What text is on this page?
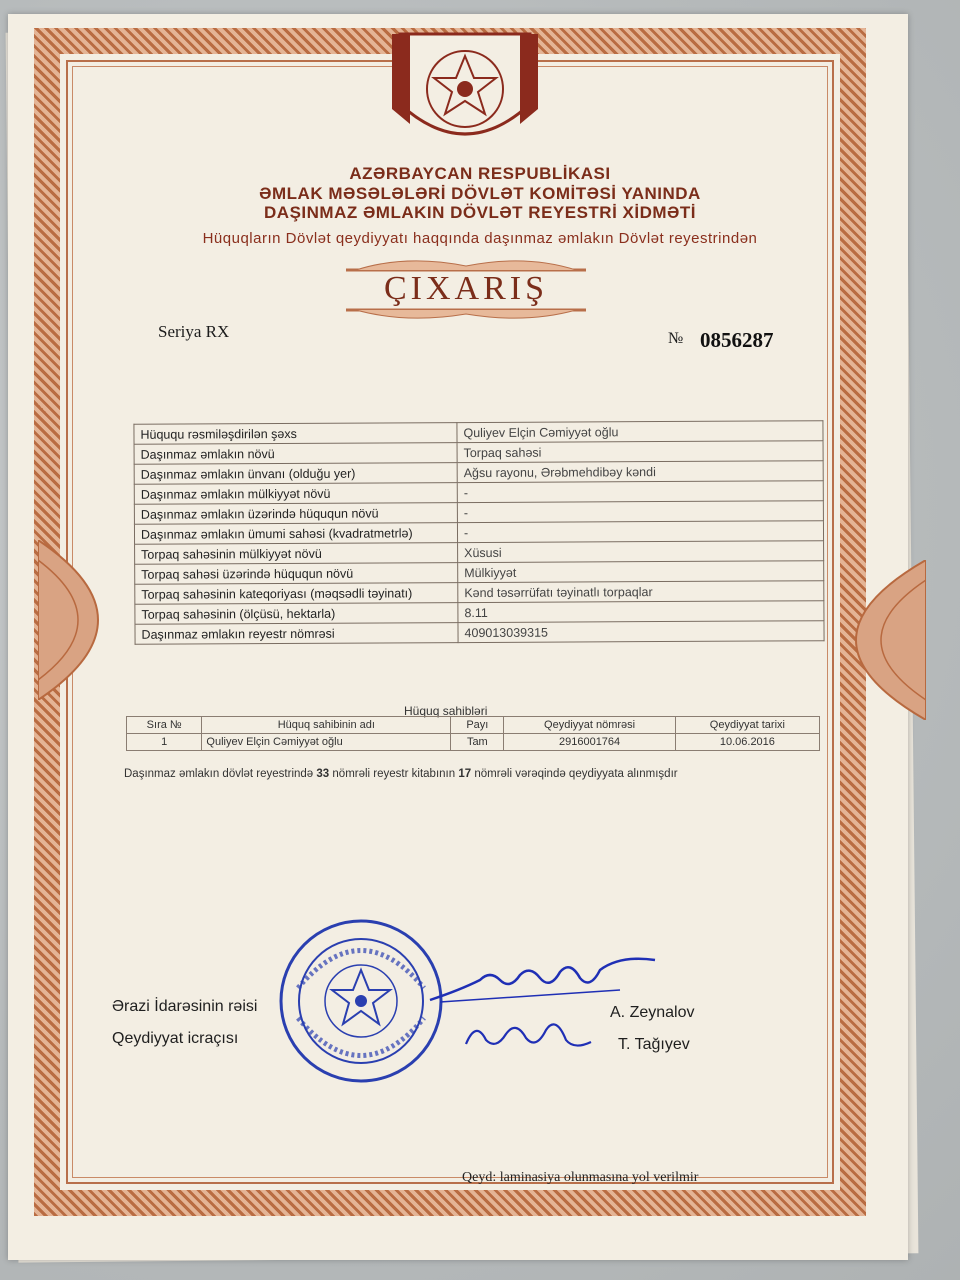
AZƏRBAYCAN RESPUBLİKASI
ƏMLAK MƏSƏLƏLƏRİ DÖVLƏT KOMİTƏSİ YANINDA
DAŞINMAZ ƏMLAKIN DÖVLƏT REYESTRİ XİDMƏTİ
Hüquqların Dövlət qeydiyyatı haqqında daşınmaz əmlakın Dövlət reyestrindən
ÇIXARIŞ
Seriya RX	№ 0856287
Hüququ rəsmiləşdirilən şəxs	Quliyev Elçin Cəmiyyət oğlu
Daşınmaz əmlakın növü	Torpaq sahəsi
Daşınmaz əmlakın ünvanı (olduğu yer)	Ağsu rayonu, Ərəbmehdibəy kəndi
Daşınmaz əmlakın mülkiyyət növü	-
Daşınmaz əmlakın üzərində hüququn növü	-
Daşınmaz əmlakın ümumi sahəsi (kvadratmetrlə)	-
Torpaq sahəsinin mülkiyyət növü	Xüsusi
Torpaq sahəsi üzərində hüququn növü	Mülkiyyət
Torpaq sahəsinin kateqoriyası (məqsədli təyinatı)	Kənd təsərrüfatı təyinatlı torpaqlar
Torpaq sahəsinin (ölçüsü, hektarla)	8.11
Daşınmaz əmlakın reyestr nömrəsi	409013039315
Hüquq sahibləri
Sıra №	Hüquq sahibinin adı	Payı	Qeydiyyat nömrəsi	Qeydiyyat tarixi
1	Quliyev Elçin Cəmiyyət oğlu	Tam	2916001764	10.06.2016
Daşınmaz əmlakın dövlət reyestrində 33 nömrəli reyestr kitabının 17 nömrəli vərəqində qeydiyyata alınmışdır
Ərazi İdarəsinin rəisi
Qeydiyyat icraçısı
A. Zeynalov
T. Tağıyev
Qeyd: laminasiya olunmasına yol verilmir
